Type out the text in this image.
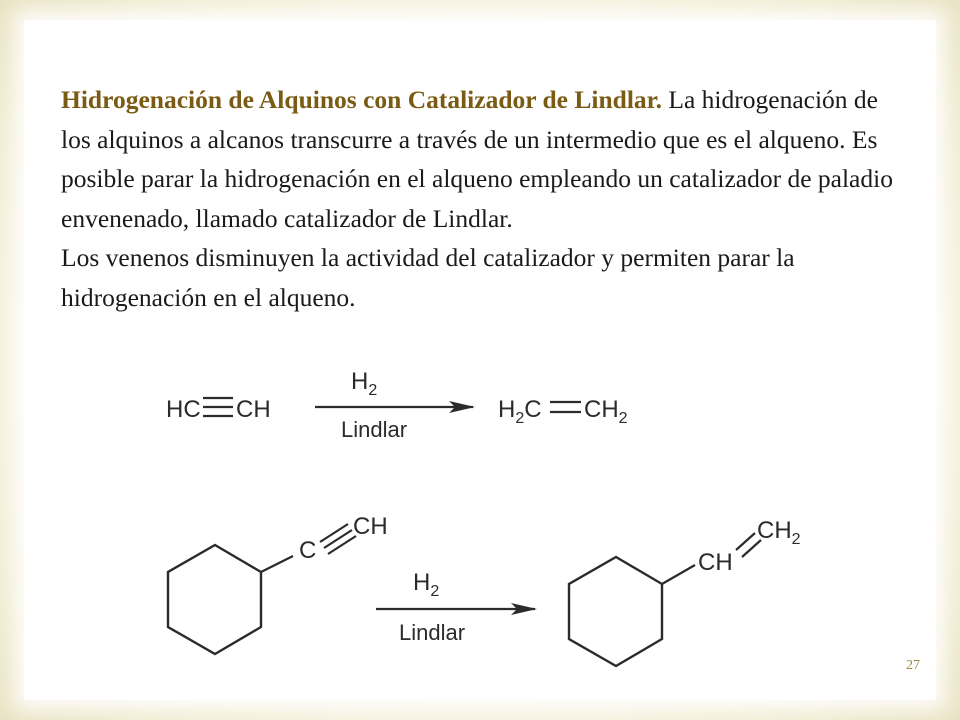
Hidrogenación de Alquinos con Catalizador de Lindlar. La hidrogenación de los alquinos a alcanos transcurre a través de un intermedio que es el alqueno. Es posible parar la hidrogenación en el alqueno empleando un catalizador de paladio envenenado, llamado catalizador de Lindlar.

Los venenos disminuyen la actividad del catalizador y permiten parar la hidrogenación en el alqueno.

HC CH
$H_2$
Lindlar
$H_2C$ $CH_2$
C
CH
$H_2$
Lindlar
CH
$CH_2$
27
